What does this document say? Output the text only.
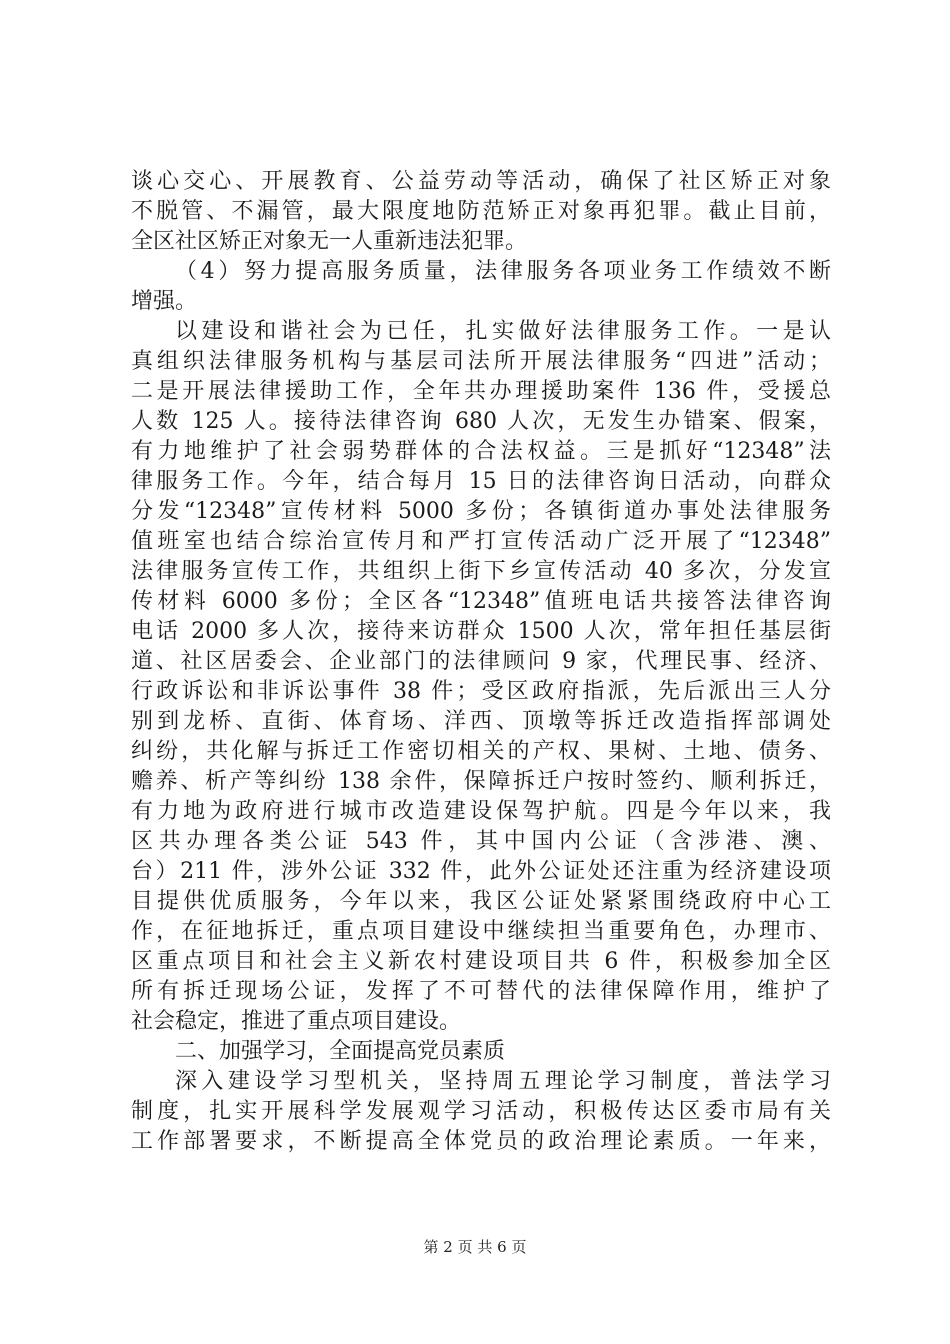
谈心交心、开展教育、公益劳动等活动，确保了社区矫正对象
不脱管、不漏管，最大限度地防范矫正对象再犯罪。截止目前，
全区社区矫正对象无一人重新违法犯罪。
（4）努力提高服务质量，法律服务各项业务工作绩效不断
增强。
以建设和谐社会为已任，扎实做好法律服务工作。一是认
真组织法律服务机构与基层司法所开展法律服务“四进”活动；
二是开展法律援助工作，全年共办理援助案件 136 件，受援总
人数 125 人。接待法律咨询 680 人次，无发生办错案、假案，
有力地维护了社会弱势群体的合法权益。三是抓好“12348”法
律服务工作。今年，结合每月 15 日的法律咨询日活动，向群众
分发“12348”宣传材料 5000 多份；各镇街道办事处法律服务
值班室也结合综治宣传月和严打宣传活动广泛开展了“12348”
法律服务宣传工作，共组织上街下乡宣传活动 40 多次，分发宣
传材料 6000 多份；全区各“12348”值班电话共接答法律咨询
电话 2000 多人次，接待来访群众 1500 人次，常年担任基层街
道、社区居委会、企业部门的法律顾问 9 家，代理民事、经济、
行政诉讼和非诉讼事件 38 件；受区政府指派，先后派出三人分
别到龙桥、直街、体育场、洋西、顶墩等拆迁改造指挥部调处
纠纷，共化解与拆迁工作密切相关的产权、果树、土地、债务、
赡养、析产等纠纷 138 余件，保障拆迁户按时签约、顺利拆迁，
有力地为政府进行城市改造建设保驾护航。四是今年以来，我
区共办理各类公证 543 件，其中国内公证（含涉港、澳、
台）211 件，涉外公证 332 件，此外公证处还注重为经济建设项
目提供优质服务，今年以来，我区公证处紧紧围绕政府中心工
作，在征地拆迁，重点项目建设中继续担当重要角色，办理市、
区重点项目和社会主义新农村建设项目共 6 件，积极参加全区
所有拆迁现场公证，发挥了不可替代的法律保障作用，维护了
社会稳定，推进了重点项目建设。
二、加强学习，全面提高党员素质
深入建设学习型机关，坚持周五理论学习制度，普法学习
制度，扎实开展科学发展观学习活动，积极传达区委市局有关
工作部署要求，不断提高全体党员的政治理论素质。一年来，
第 2 页 共 6 页
